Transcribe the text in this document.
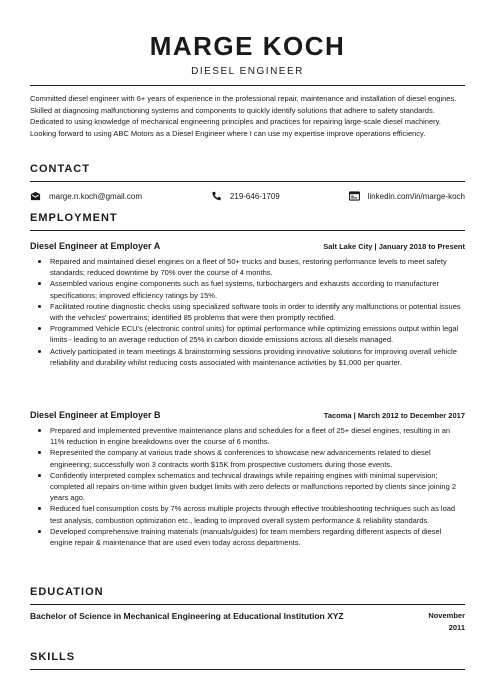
MARGE KOCH
DIESEL ENGINEER

Committed diesel engineer with 6+ years of experience in the professional repair, maintenance and installation of diesel engines. Skilled at diagnosing malfunctioning systems and components to quickly identify solutions that adhere to safety standards. Dedicated to using knowledge of mechanical engineering principles and practices for repairing large-scale diesel machinery. Looking forward to using ABC Motors as a Diesel Engineer where I can use my expertise improve operations efficiency.

CONTACT
marge.n.koch@gmail.com	219-646-1709	linkedin.com/in/marge-koch
EMPLOYMENT
Diesel Engineer at Employer A	Salt Lake City | January 2018 to Present
Repaired and maintained diesel engines on a fleet of 50+ trucks and buses, restoring performance levels to meet safety standards; reduced downtime by 70% over the course of 4 months.
Assembled various engine components such as fuel systems, turbochargers and exhausts according to manufacturer specifications; improved efficiency ratings by 15%.
Facilitated routine diagnostic checks using specialized software tools in order to identify any malfunctions or potential issues with the vehicles' powertrains; identified 85 problems that were then promptly rectified.
Programmed Vehicle ECU's (electronic control units) for optimal performance while optimizing emissions output within legal limits - leading to an average reduction of 25% in carbon dioxide emissions across all diesels managed.
Actively participated in team meetings & brainstorming sessions providing innovative solutions for improving overall vehicle reliability and durability whilst reducing costs associated with maintenance activities by $1,000 per quarter.
Diesel Engineer at Employer B	Tacoma | March 2012 to December 2017
Prepared and implemented preventive maintenance plans and schedules for a fleet of 25+ diesel engines, resulting in an 11% reduction in engine breakdowns over the course of 6 months.
Represented the company at various trade shows & conferences to showcase new advancements related to diesel engineering; successfully won 3 contracts worth $15K from prospective customers during those events.
Confidently interpreted complex schematics and technical drawings while repairing engines with minimal supervision; completed all repairs on-time within given budget limits with zero defects or malfunctions reported by clients since joining 2 years ago.
Reduced fuel consumption costs by 7% across multiple projects through effective troubleshooting techniques such as load test analysis, combustion optimization etc., leading to improved overall system performance & reliability standards.
Developed comprehensive training materials (manuals/guides) for team members regarding different aspects of diesel engine repair & maintenance that are used even today across departments.
EDUCATION
Bachelor of Science in Mechanical Engineering at Educational Institution XYZ	November
2011
SKILLS
